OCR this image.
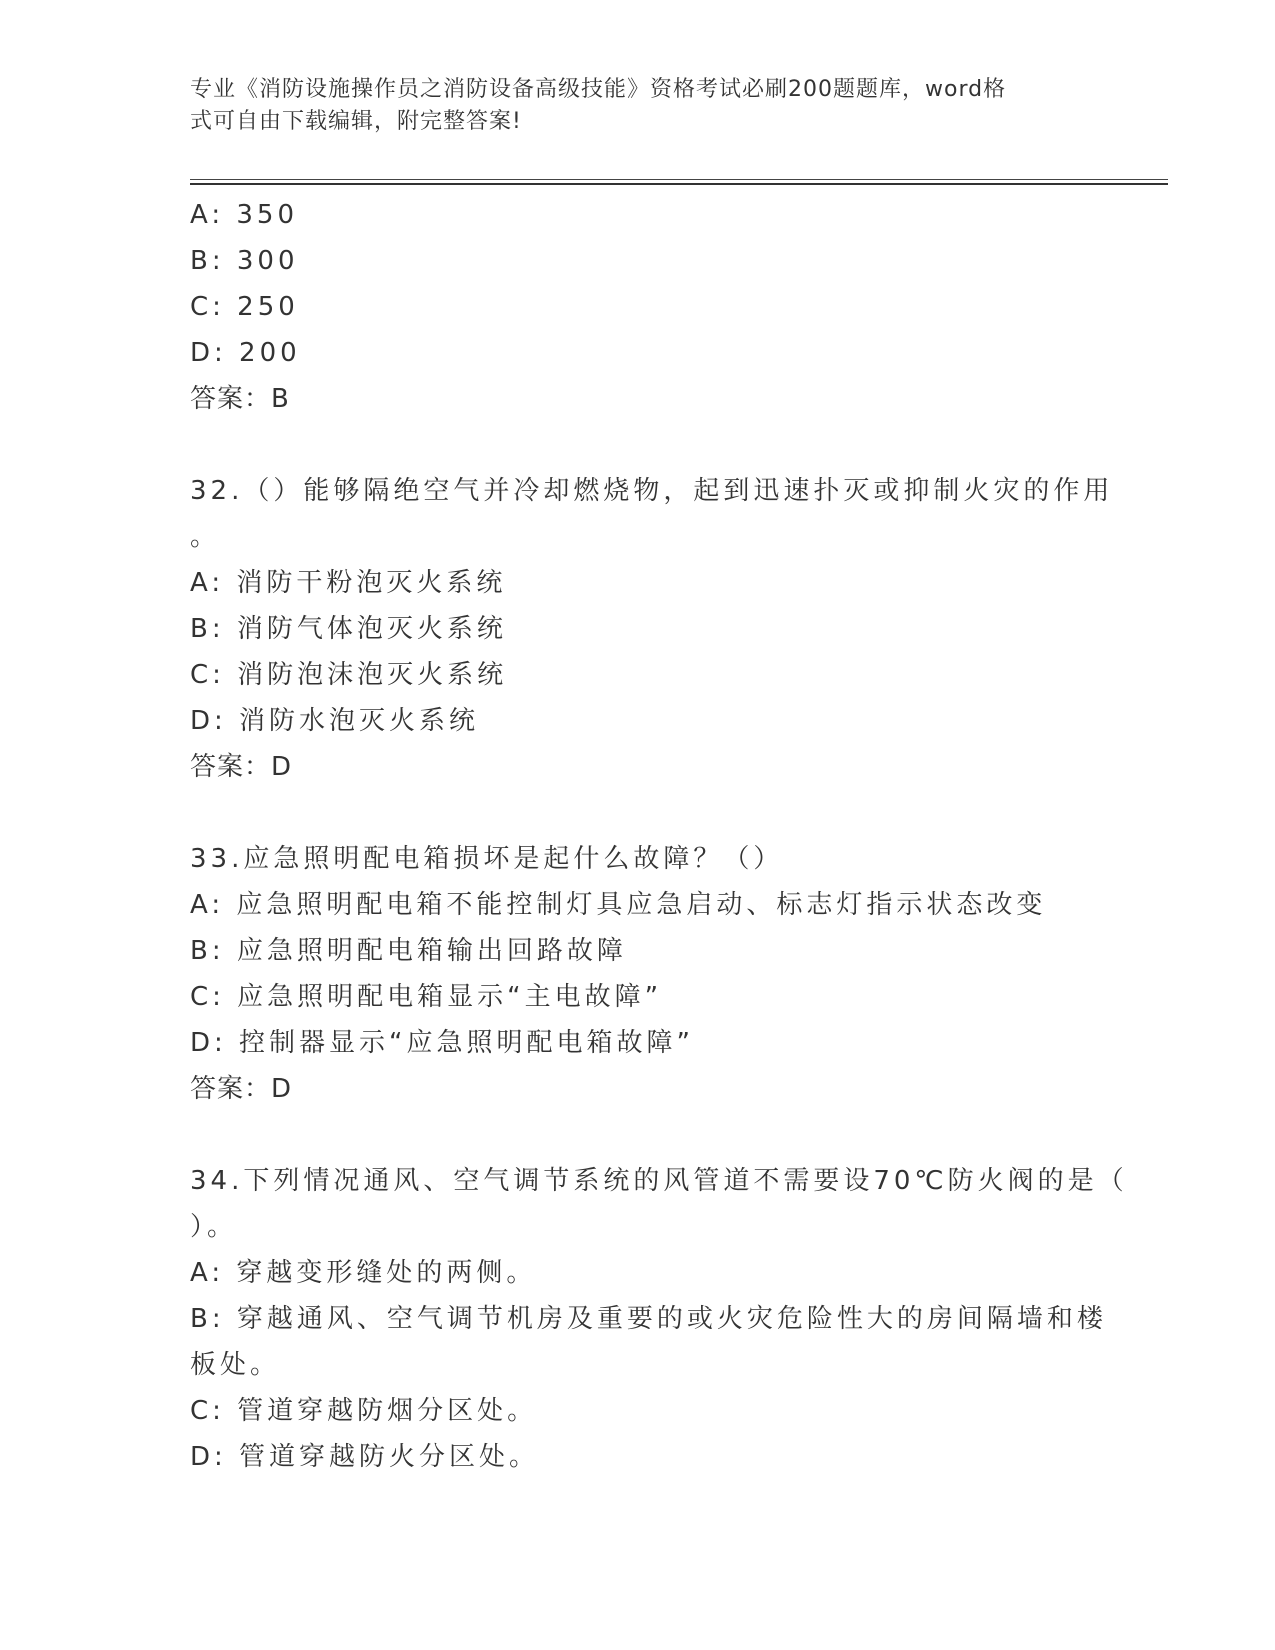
专业《消防设施操作员之消防设备高级技能》资格考试必刷200题题库，word格
式可自由下载编辑，附完整答案!

A: 350

B: 300

C: 250

D: 200

答案：B

32.（）能够隔绝空气并冷却燃烧物，起到迅速扑灭或抑制火灾的作用

。

A: 消防干粉泡灭火系统

B: 消防气体泡灭火系统

C: 消防泡沫泡灭火系统

D: 消防水泡灭火系统

答案：D

33.应急照明配电箱损坏是起什么故障？（）

A: 应急照明配电箱不能控制灯具应急启动、标志灯指示状态改变

B: 应急照明配电箱输出回路故障

C: 应急照明配电箱显示“主电故障”

D: 控制器显示“应急照明配电箱故障”

答案：D

34.下列情况通风、空气调节系统的风管道不需要设70℃防火阀的是（

）。

A: 穿越变形缝处的两侧。

B: 穿越通风、空气调节机房及重要的或火灾危险性大的房间隔墙和楼

板处。

C: 管道穿越防烟分区处。

D: 管道穿越防火分区处。
